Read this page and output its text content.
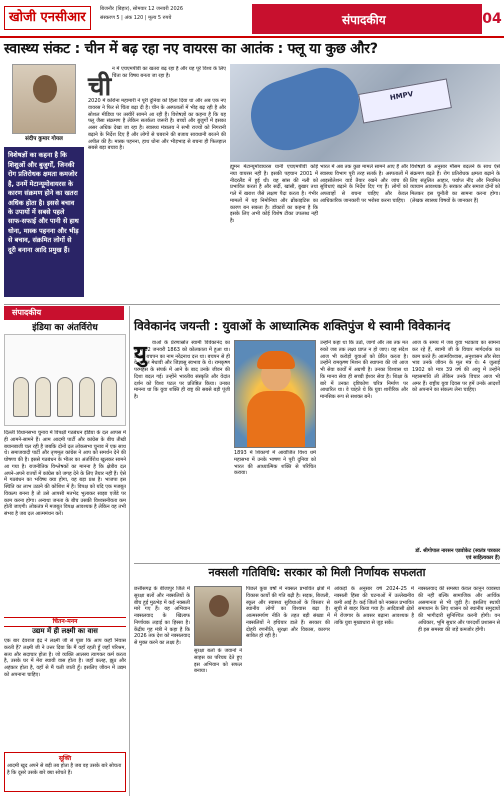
खोजी एनसीआर
बिजनौर (बिहार), सोमवार 12 जनवरी 2026
संस्करण 5 | अंक 120 | मूल्य 5 रुपये	संपादकीय	04
स्वास्थ्य संकट : चीन में बढ़ रहा नए वायरस का आतंक : फ्लू या कुछ और?
संदीप कुमार गोयल
विशेषज्ञों का कहना है कि शिशुओं और बुजुर्गों, जिनकी रोग प्रतिरोधक क्षमता कमजोर है, उनमें मेटान्यूमोवायरस के कारण संक्रमण होने का खतरा अधिक होता है। इससे बचाव के उपायों में सबसे पहले साफ-सफाई और पानी से हाथ धोना, मास्क पहनना और भीड़ से बचाव, संक्रमित लोगों से दूरी बनाना आदि प्रमुख हैं।
ची
न में एचएमपीवी का खतरा बढ़ रहा है और यह पूरे विश्व के लिए चिंता का विषय बनता जा रहा है।
2020 में कोरोना महामारी ने पूरी दुनिया को हिला दिया था और अब एक नए वायरस ने फिर से चिंता बढ़ा दी है। चीन के अस्पतालों में भीड़ बढ़ रही है और सोशल मीडिया पर तस्वीरें सामने आ रही हैं। विशेषज्ञों का कहना है कि यह फ्लू जैसा संक्रमण है लेकिन सतर्कता जरूरी है। बच्चों और बुजुर्गों में इसका असर अधिक देखा जा रहा है। स्वास्थ्य मंत्रालय ने सभी राज्यों को निगरानी बढ़ाने के निर्देश दिए हैं और लोगों से घबराने की बजाय सावधानी बरतने की अपील की है। मास्क पहनना, हाथ धोना और भीड़भाड़ से बचना ही फिलहाल सबसे बड़ा बचाव है।
HMPV
ह्यूमन मेटान्यूमोवायरस यानी एचएमपीवी कोई नया वायरस नहीं है। इसकी पहचान 2001 में नीदरलैंड में हुई थी। यह सांस की नली को प्रभावित करता है और सर्दी, खांसी, बुखार तथा गले में खराश जैसे लक्षण पैदा करता है। गंभीर मामलों में यह निमोनिया और ब्रोंकाइटिस का कारण बन सकता है। डॉक्टरों का कहना है कि इसके लिए अभी कोई विशेष टीका उपलब्ध नहीं है।
भारत में अब तक कुछ मामले सामने आए हैं और स्वास्थ्य विभाग पूरी तरह सतर्क है। अस्पतालों में आइसोलेशन वार्ड तैयार रखने और जांच की सुविधाएं बढ़ाने के निर्देश दिए गए हैं। लोगों को अफवाहों से बचना चाहिए और केवल आधिकारिक जानकारी पर भरोसा करना चाहिए।
विशेषज्ञों के अनुसार मौसम बदलने के साथ ऐसे संक्रमण बढ़ते हैं। रोग प्रतिरोधक क्षमता बढ़ाने के लिए संतुलित आहार, पर्याप्त नींद और नियमित व्यायाम आवश्यक हैं। सरकार और समाज दोनों को मिलकर इस चुनौती का सामना करना होगा। (लेखक स्वास्थ्य विषयों के जानकार हैं)
संपादकीय
इंडिया का अंतर्विरोध
दिल्ली विधानसभा चुनाव में विपक्षी गठबंधन इंडिया के दल आपस में ही आमने-सामने हैं। आम आदमी पार्टी और कांग्रेस के बीच तीखी बयानबाजी चल रही है जबकि दोनों दल लोकसभा चुनाव में एक साथ थे। समाजवादी पार्टी और तृणमूल कांग्रेस ने आप को समर्थन देने की घोषणा की है। इससे गठबंधन के भीतर का अंतर्विरोध खुलकर सामने आ गया है। राजनीतिक विश्लेषकों का मानना है कि क्षेत्रीय दल अपने-अपने राज्यों में कांग्रेस को जगह देने के लिए तैयार नहीं हैं। ऐसे में गठबंधन का भविष्य क्या होगा, यह बड़ा प्रश्न है। भाजपा इस स्थिति का लाभ उठाने की कोशिश में है। विपक्ष को यदि एक मजबूत विकल्प बनना है तो उसे आपसी मतभेद भुलाकर साझा एजेंडे पर काम करना होगा। अन्यथा जनता के बीच उसकी विश्वसनीयता कम होती जाएगी। लोकतंत्र में मजबूत विपक्ष आवश्यक है लेकिन वह तभी संभव है जब दल आत्ममंथन करें।
चिंतन-मनन
उद्यम में ही लक्ष्मी का वास
एक बार देवराज इंद्र ने लक्ष्मी जी से पूछा कि आप कहाँ निवास करती हैं? लक्ष्मी जी ने उत्तर दिया कि मैं वहाँ रहती हूँ जहाँ परिश्रम, सत्य और सदाचार होता है। जो व्यक्ति आलस्य त्यागकर कर्म करता है, उसके घर में मेरा स्थायी वास होता है। जहाँ कलह, झूठ और अहंकार होता है, वहाँ से मैं चली जाती हूँ। इसलिए जीवन में उद्यम को अपनाना चाहिए।
सूक्ति
आदमी खुद अपने से बड़ी तब होता है जब वह उसके बारे सोचता है कि दूसरे उसके बारे क्या सोचते हैं।
विवेकानंद जयन्ती : युवाओं के आध्यात्मिक शक्तिपुंज थे स्वामी विवेकानंद
यु	वाओं के प्रेरणास्रोत स्वामी विवेकानंद का जन्म 12 जनवरी 1863 को कोलकाता में हुआ था। उनका बचपन का नाम नरेंद्रनाथ दत्त था। बचपन से ही वे अत्यंत मेधावी और जिज्ञासु स्वभाव के थे। रामकृष्ण परमहंस के संपर्क में आने के बाद उनके जीवन की दिशा बदल गई। उन्होंने भारतीय संस्कृति और वेदांत दर्शन को विश्व पटल पर प्रतिष्ठित किया। उनका मानना था कि युवा शक्ति ही राष्ट्र की सबसे बड़ी पूंजी है।
1893 में शिकागो में आयोजित विश्व धर्म महासभा में उनके भाषण ने पूरी दुनिया को भारत की आध्यात्मिक शक्ति से परिचित कराया।
उन्होंने कहा था कि उठो, जागो और तब तक मत रुको जब तक लक्ष्य प्राप्त न हो जाए। यह संदेश आज भी करोड़ों युवाओं को प्रेरित करता है। उन्होंने रामकृष्ण मिशन की स्थापना की जो आज भी सेवा कार्यों में अग्रणी है। उनका विश्वास था कि मानव सेवा ही सच्ची ईश्वर सेवा है। शिक्षा के बारे में उनका दृष्टिकोण चरित्र निर्माण पर आधारित था। वे चाहते थे कि युवा शारीरिक और मानसिक रूप से सशक्त बनें।
आज के समय में जब युवा भटकाव का सामना कर रहे हैं, स्वामी जी के विचार मार्गदर्शक का काम करते हैं। आत्मविश्वास, अनुशासन और सेवा भाव उनके जीवन के मूल मंत्र थे। 4 जुलाई 1902 को मात्र 39 वर्ष की आयु में उन्होंने महासमाधि ली लेकिन उनके विचार आज भी अमर हैं। राष्ट्रीय युवा दिवस पर हमें उनके आदर्शों को अपनाने का संकल्प लेना चाहिए।
डॉ. श्रीगोपाल नारसन एडवोकेट (स्वतंत्र पत्रकार एवं साहित्यकार हैं)
नक्सली गतिविधि: सरकार को मिली निर्णायक सफलता
छत्तीसगढ़ के बीजापुर जिले में सुरक्षा बलों और नक्सलियों के बीच हुई मुठभेड़ में कई नक्सली मारे गए हैं। यह अभियान नक्सलवाद के खिलाफ निर्णायक लड़ाई का हिस्सा है। केंद्रीय गृह मंत्री ने कहा है कि 2026 तक देश को नक्सलवाद से मुक्त करने का लक्ष्य है।
सुरक्षा बलों के जवानों ने साहस का परिचय देते हुए इस अभियान को सफल बनाया।
पिछले कुछ वर्षों में नक्सल प्रभावित क्षेत्रों में विकास कार्यों की गति बढ़ी है। सड़क, बिजली, स्कूल और स्वास्थ्य सुविधाओं के विस्तार से स्थानीय लोगों का विश्वास बढ़ा है। आत्मसमर्पण नीति के तहत बड़ी संख्या में नक्सलियों ने हथियार डाले हैं। सरकार की दोहरी रणनीति, सुरक्षा और विकास, कारगर साबित हो रही है।
आंकड़ों के अनुसार वर्ष 2024-25 में नक्सली हिंसा की घटनाओं में उल्लेखनीय कमी आई है। कई जिलों को नक्सल प्रभावित सूची से बाहर किया गया है। आदिवासी क्षेत्रों में रोजगार के अवसर बढ़ाना आवश्यक है ताकि युवा मुख्यधारा से जुड़ सकें।
नक्सलवाद की समस्या केवल कानून व्यवस्था की नहीं बल्कि सामाजिक और आर्थिक असमानता से भी जुड़ी है। इसलिए स्थायी समाधान के लिए शासन को स्थानीय समुदायों की भागीदारी सुनिश्चित करनी होगी। वन अधिकार, भूमि सुधार और पारदर्शी प्रशासन से ही इस समस्या की जड़ें कमजोर होंगी।
